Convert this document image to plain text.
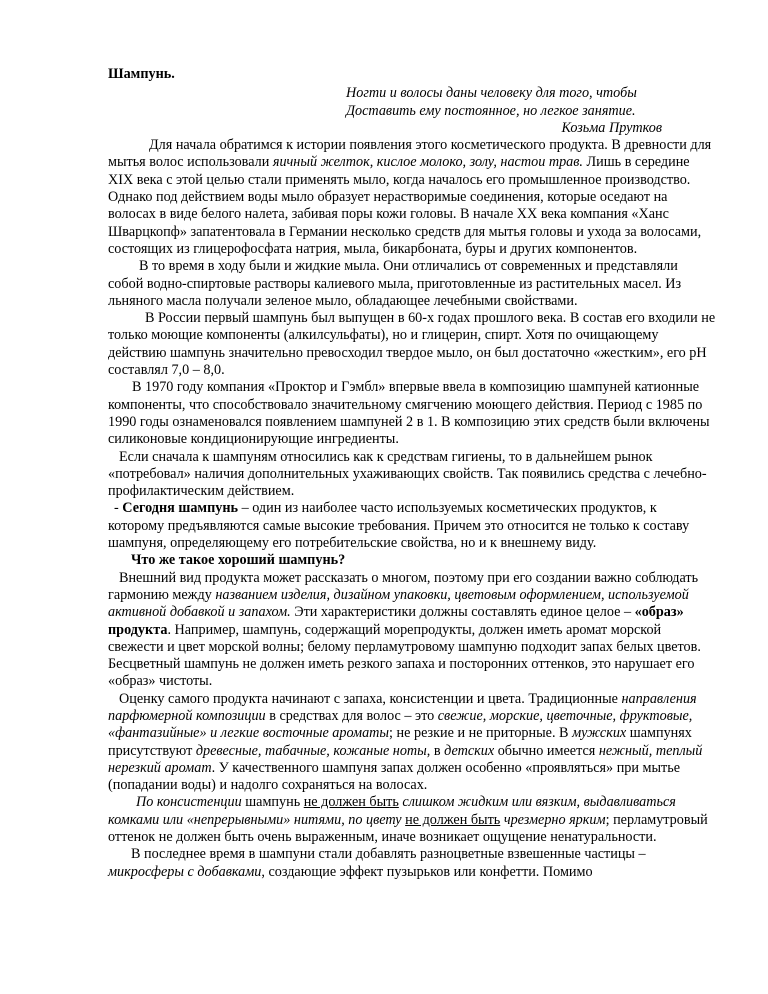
Шампунь.

Ногти и волосы даны человеку для того, чтобы
Доставить ему постоянное, но легкое занятие.
Козьма Прутков

Для начала обратимся к истории появления этого косметического продукта. В древности для мытья волос использовали яичный желток, кислое молоко, золу, настои трав. Лишь в середине XIX века с этой целью стали применять мыло, когда началось его промышленное производство. Однако под действием воды мыло образует нерастворимые соединения, которые оседают на волосах в виде белого налета, забивая поры кожи головы. В начале XX века компания «Ханс Шварцкопф» запатентовала в Германии несколько средств для мытья головы и ухода за волосами, состоящих из глицерофосфата натрия, мыла, бикарбоната, буры и других компонентов.

В то время в ходу были и жидкие мыла. Они отличались от современных и представляли собой водно-спиртовые растворы калиевого мыла, приготовленные из растительных масел. Из льняного масла получали зеленое мыло, обладающее лечебными свойствами.

В России первый шампунь был выпущен в 60-х годах прошлого века. В состав его входили не только моющие компоненты (алкилсульфаты), но и глицерин, спирт. Хотя по очищающему действию шампунь значительно превосходил твердое мыло, он был достаточно «жестким», его pH составлял 7,0 – 8,0.

В 1970 году компания «Проктор и Гэмбл» впервые ввела в композицию шампуней катионные компоненты, что способствовало значительному смягчению моющего действия. Период с 1985 по 1990 годы ознаменовался появлением шампуней 2 в 1. В композицию этих средств были включены силиконовые кондиционирующие ингредиенты.

Если сначала к шампуням относились как к средствам гигиены, то в дальнейшем рынок «потребовал» наличия дополнительных ухаживающих свойств. Так появились средства с лечебно-профилактическим действием.

- Сегодня шампунь – один из наиболее часто используемых косметических продуктов, к которому предъявляются самые высокие требования. Причем это относится не только к составу шампуня, определяющему его потребительские свойства, но и к внешнему виду.

Что же такое хороший шампунь?

Внешний вид продукта может рассказать о многом, поэтому при его создании важно соблюдать гармонию между названием изделия, дизайном упаковки, цветовым оформлением, используемой активной добавкой и запахом. Эти характеристики должны составлять единое целое – «образ» продукта. Например, шампунь, содержащий морепродукты, должен иметь аромат морской свежести и цвет морской волны; белому перламутровому шампуню подходит запах белых цветов. Бесцветный шампунь не должен иметь резкого запаха и посторонних оттенков, это нарушает его «образ» чистоты.

Оценку самого продукта начинают с запаха, консистенции и цвета. Традиционные направления парфюмерной композиции в средствах для волос – это свежие, морские, цветочные, фруктовые, «фантазийные» и легкие восточные ароматы; не резкие и не приторные. В мужских шампунях присутствуют древесные, табачные, кожаные ноты, в детских обычно имеется нежный, теплый нерезкий аромат. У качественного шампуня запах должен особенно «проявляться» при мытье (попадании воды) и надолго сохраняться на волосах.

По консистенции шампунь не должен быть слишком жидким или вязким, выдавливаться комками или «непрерывными» нитями, по цвету не должен быть чрезмерно ярким; перламутровый оттенок не должен быть очень выраженным, иначе возникает ощущение ненатуральности.

В последнее время в шампуни стали добавлять разноцветные взвешенные частицы – микросферы с добавками, создающие эффект пузырьков или конфетти. Помимо
